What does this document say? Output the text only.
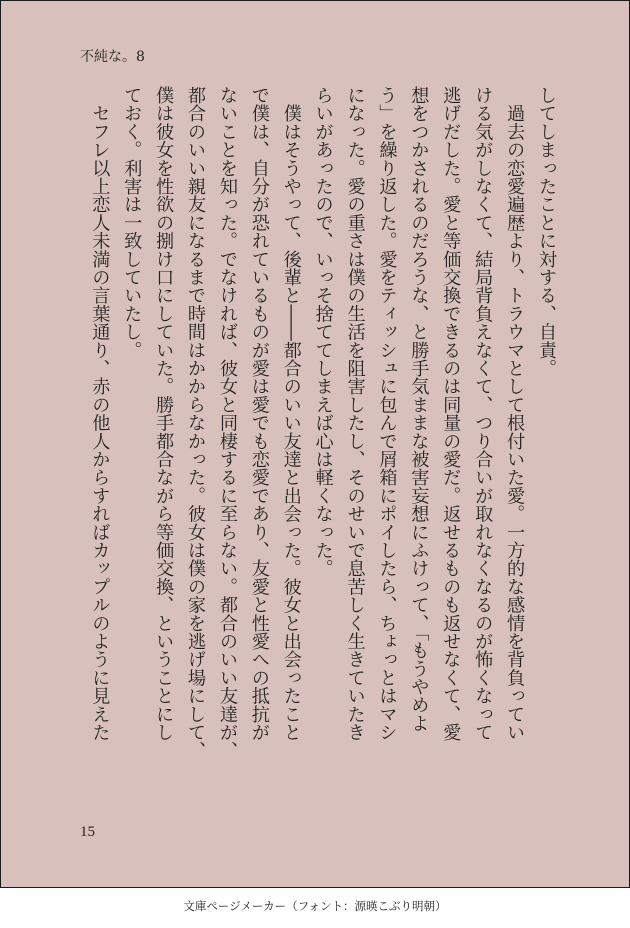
不純な。8
してしまったことに対する、自責。
　過去の恋愛遍歴より、トラウマとして根付いた愛。一方的な感情を背負ってい
ける気がしなくて、結局背負えなくて、つり合いが取れなくなるのが怖くなって
逃げだした。愛と等価交換できるのは同量の愛だ。返せるものも返せなくて、愛
想をつかされるのだろうな、と勝手気ままな被害妄想にふけって、「もうやめよ
う」を繰り返した。愛をティッシュに包んで屑箱にポイしたら、ちょっとはマシ
になった。愛の重さは僕の生活を阻害したし、そのせいで息苦しく生きていたき
らいがあったので、いっそ捨ててしまえば心は軽くなった。
　僕はそうやって、後輩と――都合のいい友達と出会った。彼女と出会ったこと
で僕は、自分が恐れているものが愛は愛でも恋愛であり、友愛と性愛への抵抗が
ないことを知った。でなければ、彼女と同棲するに至らない。都合のいい友達が、
都合のいい親友になるまで時間はかからなかった。彼女は僕の家を逃げ場にして、
僕は彼女を性欲の捌け口にしていた。勝手都合ながら等価交換、ということにし
ておく。利害は一致していたし。
　セフレ以上恋人未満の言葉通り、赤の他人からすればカップルのように見えた
15
文庫ページメーカー（フォント：源暎こぶり明朝）
